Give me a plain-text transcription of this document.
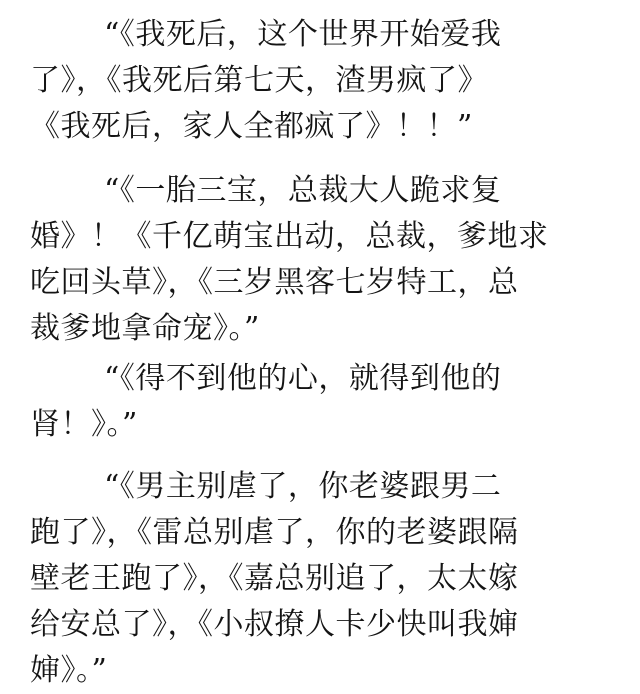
“《我死后，这个世界开始爱我
了》，《我死后第七天，渣男疯了》
《我死后，家人全都疯了》！！”
“《一胎三宝，总裁大人跪求复
婚》！《千亿萌宝出动，总裁，爹地求
吃回头草》，《三岁黑客七岁特工，总
裁爹地拿命宠》。”
“《得不到他的心，就得到他的
肾！》。”
“《男主别虐了，你老婆跟男二
跑了》，《雷总别虐了，你的老婆跟隔
壁老王跑了》，《嘉总别追了，太太嫁
给安总了》，《小叔撩人卡少快叫我婶
婶》。”
